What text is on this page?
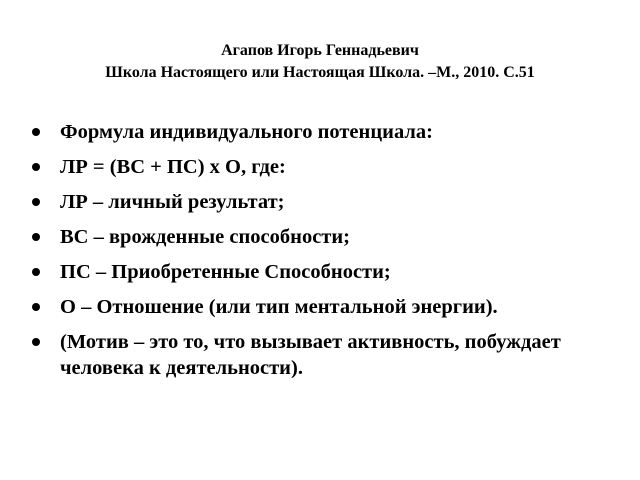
Агапов Игорь Геннадьевич
Школа Настоящего или Настоящая Школа. –М., 2010. С.51
Формула индивидуального потенциала:
ЛР = (ВС + ПС) х О, где:
ЛР – личный результат;
ВС – врожденные способности;
ПС – Приобретенные Способности;
О – Отношение (или тип ментальной энергии).
(Мотив – это то, что вызывает активность, побуждает человека к деятельности).
